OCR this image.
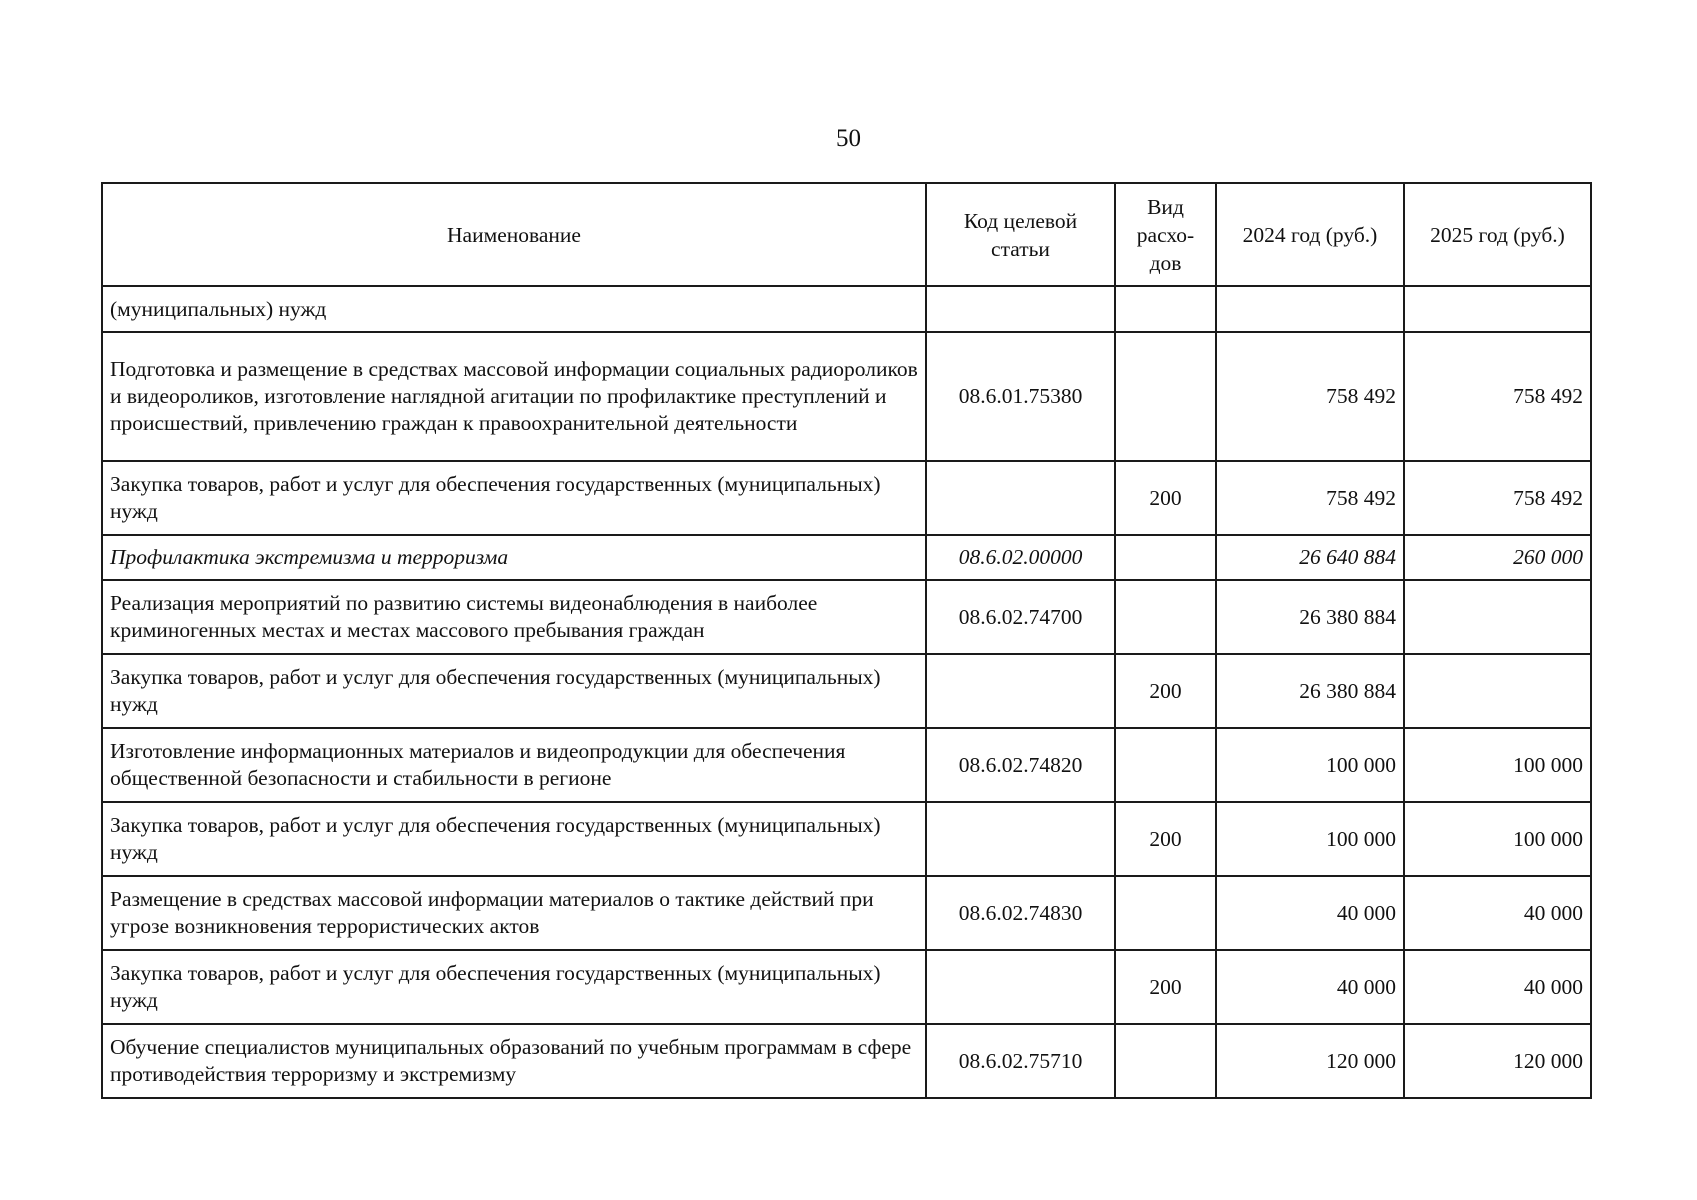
50
Наименование	Код целевой статьи	Вид расхо-дов	2024 год (руб.)	2025 год (руб.)
(муниципальных) нужд				
Подготовка и размещение в средствах массовой информации социальных радиороликов и видеороликов, изготовление наглядной агитации по профилактике преступлений и происшествий, привлечению граждан к правоохранительной деятельности	08.6.01.75380		758 492	758 492
Закупка товаров, работ и услуг для обеспечения государственных (муниципальных) нужд		200	758 492	758 492
Профилактика экстремизма и терроризма	08.6.02.00000		26 640 884	260 000
Реализация мероприятий по развитию системы видеонаблюдения в наиболее криминогенных местах и местах массового пребывания граждан	08.6.02.74700		26 380 884	
Закупка товаров, работ и услуг для обеспечения государственных (муниципальных) нужд		200	26 380 884	
Изготовление информационных материалов и видеопродукции для обеспечения общественной безопасности и стабильности в регионе	08.6.02.74820		100 000	100 000
Закупка товаров, работ и услуг для обеспечения государственных (муниципальных) нужд		200	100 000	100 000
Размещение в средствах массовой информации материалов о тактике действий при угрозе возникновения террористических актов	08.6.02.74830		40 000	40 000
Закупка товаров, работ и услуг для обеспечения государственных (муниципальных) нужд		200	40 000	40 000
Обучение специалистов муниципальных образований по учебным программам в сфере противодействия терроризму и экстремизму	08.6.02.75710		120 000	120 000
